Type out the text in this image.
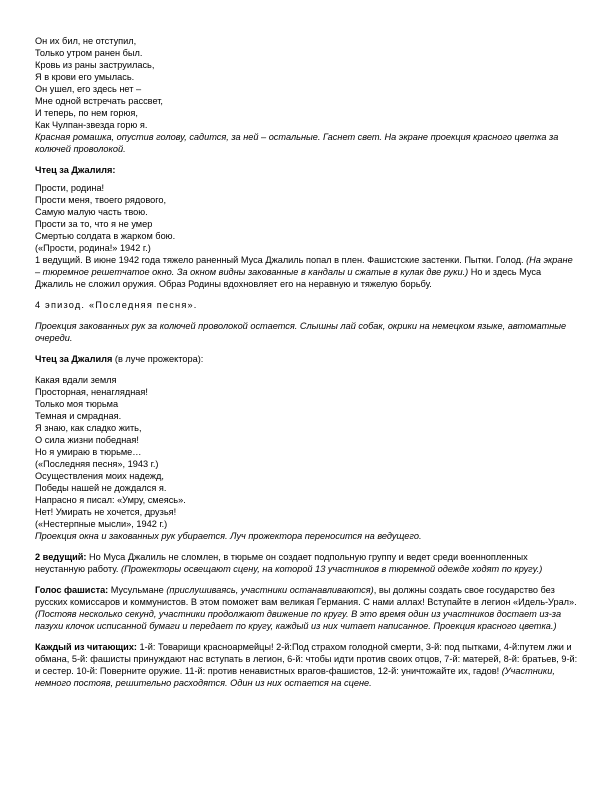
Он их бил, не отступил,
Только утром ранен был.
Кровь из раны заструилась,
Я в крови его умылась.
Он ушел, его здесь нет –
Мне одной встречать рассвет,
И теперь, по нем горюя,
Как Чулпан-звезда горю я.

Красная ромашка, опустив голову, садится, за ней – остальные. Гаснет свет. На экране проекция красного цветка за колючей проволокой.

Чтец за Джалиля:

Прости, родина!
Прости меня, твоего рядового,
Самую малую часть твою.
Прости за то, что я не умер
Смертью солдата в жарком бою.
(«Прости, родина!» 1942 г.)

1 ведущий. В июне 1942 года тяжело раненный Муса Джалиль попал в плен. Фашистские застенки. Пытки. Голод. (На экране – тюремное решетчатое окно. За окном видны закованные в кандалы и сжатые в кулак две руки.) Но и здесь Муса Джалиль не сложил оружия. Образ Родины вдохновляет его на неравную и тяжелую борьбу.

4 эпизод. «Последняя песня».

Проекция закованных рук за колючей проволокой остается. Слышны лай собак, окрики на немецком языке, автоматные очереди.

Чтец за Джалиля (в луче прожектора):

Какая вдали земля
Просторная, ненаглядная!
Только моя тюрьма
Темная и смрадная.
Я знаю, как сладко жить,
О сила жизни победная!
Но я умираю в тюрьме…
(«Последняя песня», 1943 г.)
Осуществления моих надежд,
Победы нашей не дождался я.
Напрасно я писал: «Умру, смеясь».
Нет! Умирать не хочется, друзья!
(«Нестерпные мысли», 1942 г.)

Проекция окна и закованных рук убирается. Луч прожектора переносится на ведущего.

2 ведущий: Но Муса Джалиль не сломлен, в тюрьме он создает подпольную группу и ведет среди военнопленных неустанную работу. (Прожекторы освещают сцену, на которой 13 участников в тюремной одежде ходят по кругу.)

Голос фашиста: Мусульмане (прислушиваясь, участники останавливаются), вы должны создать свое государство без русских комиссаров и коммунистов. В этом поможет вам великая Германия. С нами аллах! Вступайте в легион «Идель-Урал». (Постояв несколько секунд, участники продолжают движение по кругу. В это время один из участников достает из-за пазухи клочок исписанной бумаги и передает по кругу, каждый из них читает написанное. Проекция красного цветка.)

Каждый из читающих: 1-й: Товарищи красноармейцы! 2-й:Под страхом голодной смерти, 3-й: под пытками, 4-й:путем лжи и обмана, 5-й: фашисты принуждают нас вступать в легион, 6-й: чтобы идти против своих отцов, 7-й: матерей, 8-й: братьев, 9-й: и сестер. 10-й: Поверните оружие. 11-й: против ненавистных врагов-фашистов, 12-й: уничтожайте их, гадов! (Участники, немного постояв, решительно расходятся. Один из них остается на сцене.
